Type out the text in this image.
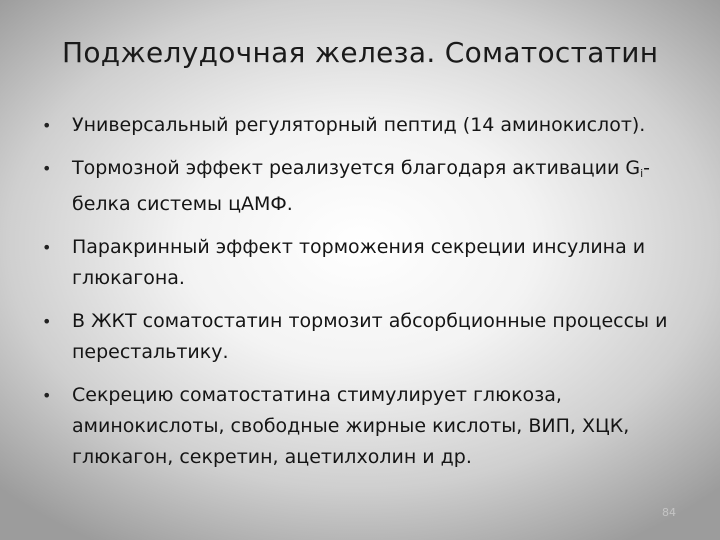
Поджелудочная железа. Соматостатин
• Универсальный регуляторный пептид (14 аминокислот).
• Тормозной эффект реализуется благодаря активации $G_i$-белка системы цАМФ.
• Паракринный эффект торможения секреции инсулина и глюкагона.
• В ЖКТ соматостатин тормозит абсорбционные процессы и перестальтику.
• Секрецию соматостатина стимулирует глюкоза, аминокислоты, свободные жирные кислоты, ВИП, ХЦК, глюкагон, секретин, ацетилхолин и др.
84
